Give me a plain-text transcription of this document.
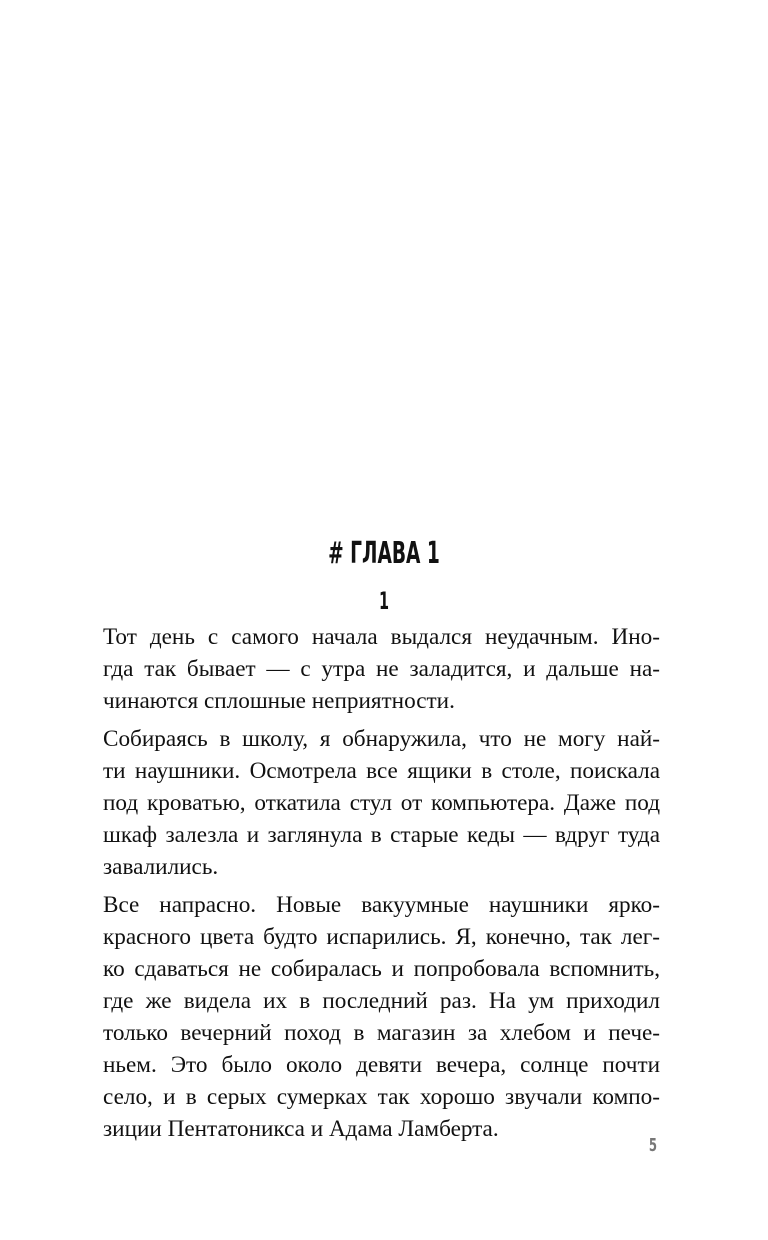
# ГЛАВА 1
1

Тот день с самого начала выдался неудачным. Ино-
гда так бывает — с утра не заладится, и дальше на-
чинаются сплошные неприятности.

Собираясь в школу, я обнаружила, что не могу най-
ти наушники. Осмотрела все ящики в столе, поискала
под кроватью, откатила стул от компьютера. Даже под
шкаф залезла и заглянула в старые кеды — вдруг туда
завалились.

Все напрасно. Новые вакуумные наушники ярко-
красного цвета будто испарились. Я, конечно, так лег-
ко сдаваться не собиралась и попробовала вспомнить,
где же видела их в последний раз. На ум приходил
только вечерний поход в магазин за хлебом и пече-
ньем. Это было около девяти вечера, солнце почти
село, и в серых сумерках так хорошо звучали компо-
зиции Пентатоникса и Адама Ламберта.

5
